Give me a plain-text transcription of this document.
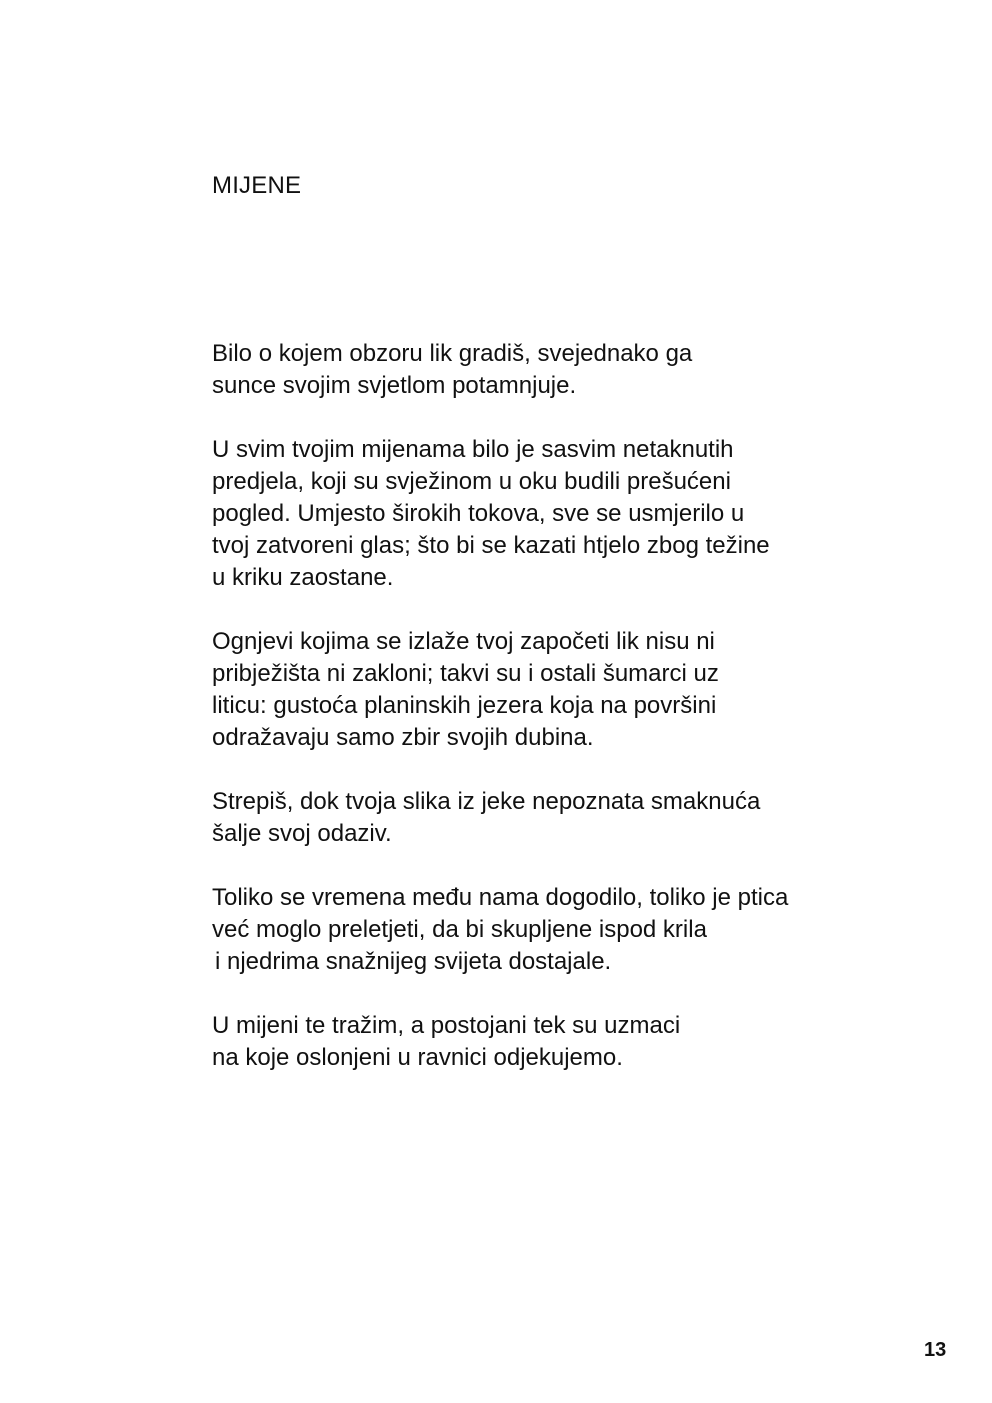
MIJENE

Bilo o kojem obzoru lik gradiš, svejednako ga
sunce svojim svjetlom potamnjuje.

U svim tvojim mijenama bilo je sasvim netaknutih
predjela, koji su svježinom u oku budili prešućeni
pogled. Umjesto širokih tokova, sve se usmjerilo u
tvoj zatvoreni glas; što bi se kazati htjelo zbog težine
u kriku zaostane.

Ognjevi kojima se izlaže tvoj započeti lik nisu ni
pribježišta ni zakloni; takvi su i ostali šumarci uz
liticu: gustoća planinskih jezera koja na površini
odražavaju samo zbir svojih dubina.

Strepiš, dok tvoja slika iz jeke nepoznata smaknuća
šalje svoj odaziv.

Toliko se vremena među nama dogodilo, toliko je ptica
već moglo preletjeti, da bi skupljene ispod krila
i njedrima snažnijeg svijeta dostajale.

U mijeni te tražim, a postojani tek su uzmaci
na koje oslonjeni u ravnici odjekujemo.

13
